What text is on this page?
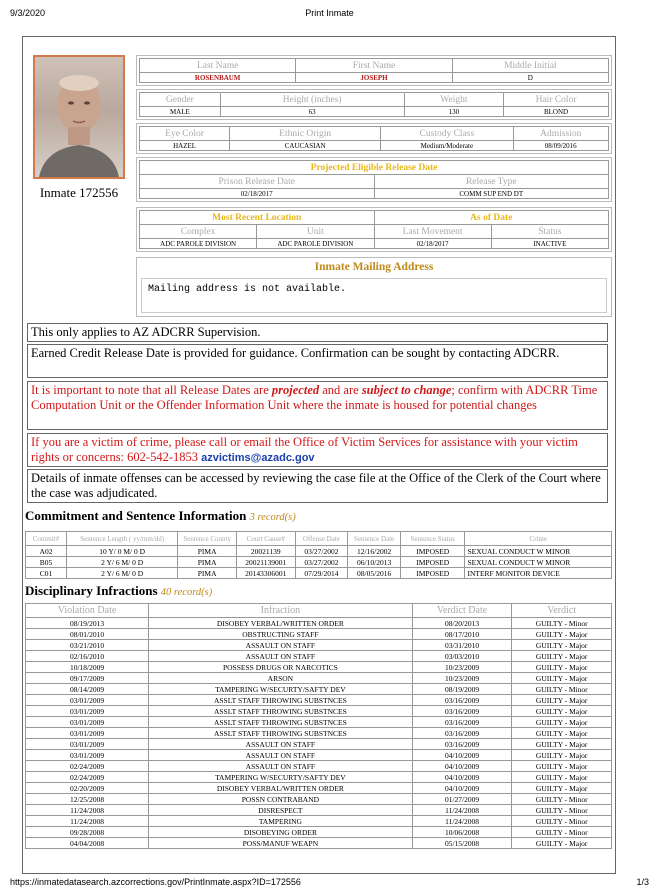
9/3/2020	Print Inmate
Inmate 172556
Last Name	First Name	Middle Initial
ROSENBAUM	JOSEPH	D
Gender	Height (inches)	Weight	Hair Color
MALE	63	130	BLOND
Eye Color	Ethnic Origin	Custody Class	Admission
HAZEL	CAUCASIAN	Medium/Moderate	08/09/2016
Projected Eligible Release Date	
Prison Release Date	Release Type
02/18/2017	COMM SUP END DT
Most Recent Location		As of Date	
Complex	Unit	Last Movement	Status
ADC PAROLE DIVISION	ADC PAROLE DIVISION	02/18/2017	INACTIVE
Inmate Mailing Address
Mailing address is not available.
This only applies to AZ ADCRR Supervision.
Earned Credit Release Date is provided for guidance. Confirmation can be sought by contacting ADCRR.
It is important to note that all Release Dates are projected and are subject to change; confirm with ADCRR Time Computation Unit or the Offender Information Unit where the inmate is housed for potential changes
If you are a victim of crime, please call or email the Office of Victim Services for assistance with your victim rights or concerns: 602-542-1853 azvictims@azadc.gov
Details of inmate offenses can be accessed by reviewing the case file at the Office of the Clerk of the Court where the case was adjudicated.
Commitment and Sentence Information 3 record(s)
Commit#	Sentence Length ( yy/mm/dd)	Sentence County	Court Cause#	Offense Date	Sentence Date	Sentence Status	Crime
A02	10 Y/ 0 M/ 0 D	PIMA	20021139	03/27/2002	12/16/2002	IMPOSED	SEXUAL CONDUCT W MINOR
B05	2 Y/ 6 M/ 0 D	PIMA	20021139001	03/27/2002	06/10/2013	IMPOSED	SEXUAL CONDUCT W MINOR
C01	2 Y/ 6 M/ 0 D	PIMA	20143306001	07/29/2014	08/05/2016	IMPOSED	INTERF MONITOR DEVICE
Disciplinary Infractions 40 record(s)
Violation Date	Infraction	Verdict Date	Verdict
08/19/2013	DISOBEY VERBAL/WRITTEN ORDER	08/20/2013	GUILTY - Minor
08/01/2010	OBSTRUCTING STAFF	08/17/2010	GUILTY - Major
03/21/2010	ASSAULT ON STAFF	03/31/2010	GUILTY - Major
02/16/2010	ASSAULT ON STAFF	03/03/2010	GUILTY - Major
10/18/2009	POSSESS DRUGS OR NARCOTICS	10/23/2009	GUILTY - Major
09/17/2009	ARSON	10/23/2009	GUILTY - Major
08/14/2009	TAMPERING W/SECURTY/SAFTY DEV	08/19/2009	GUILTY - Minor
03/01/2009	ASSLT STAFF THROWING SUBSTNCES	03/16/2009	GUILTY - Major
03/01/2009	ASSLT STAFF THROWING SUBSTNCES	03/16/2009	GUILTY - Major
03/01/2009	ASSLT STAFF THROWING SUBSTNCES	03/16/2009	GUILTY - Major
03/01/2009	ASSLT STAFF THROWING SUBSTNCES	03/16/2009	GUILTY - Major
03/01/2009	ASSAULT ON STAFF	03/16/2009	GUILTY - Major
03/01/2009	ASSAULT ON STAFF	04/10/2009	GUILTY - Major
02/24/2009	ASSAULT ON STAFF	04/10/2009	GUILTY - Major
02/24/2009	TAMPERING W/SECURTY/SAFTY DEV	04/10/2009	GUILTY - Major
02/20/2009	DISOBEY VERBAL/WRITTEN ORDER	04/10/2009	GUILTY - Major
12/25/2008	POSSN CONTRABAND	01/27/2009	GUILTY - Minor
11/24/2008	DISRESPECT	11/24/2008	GUILTY - Minor
11/24/2008	TAMPERING	11/24/2008	GUILTY - Minor
09/28/2008	DISOBEYING ORDER	10/06/2008	GUILTY - Minor
04/04/2008	POSS/MANUF WEAPN	05/15/2008	GUILTY - Major
https://inmatedatasearch.azcorrections.gov/PrintInmate.aspx?ID=172556	1/3
